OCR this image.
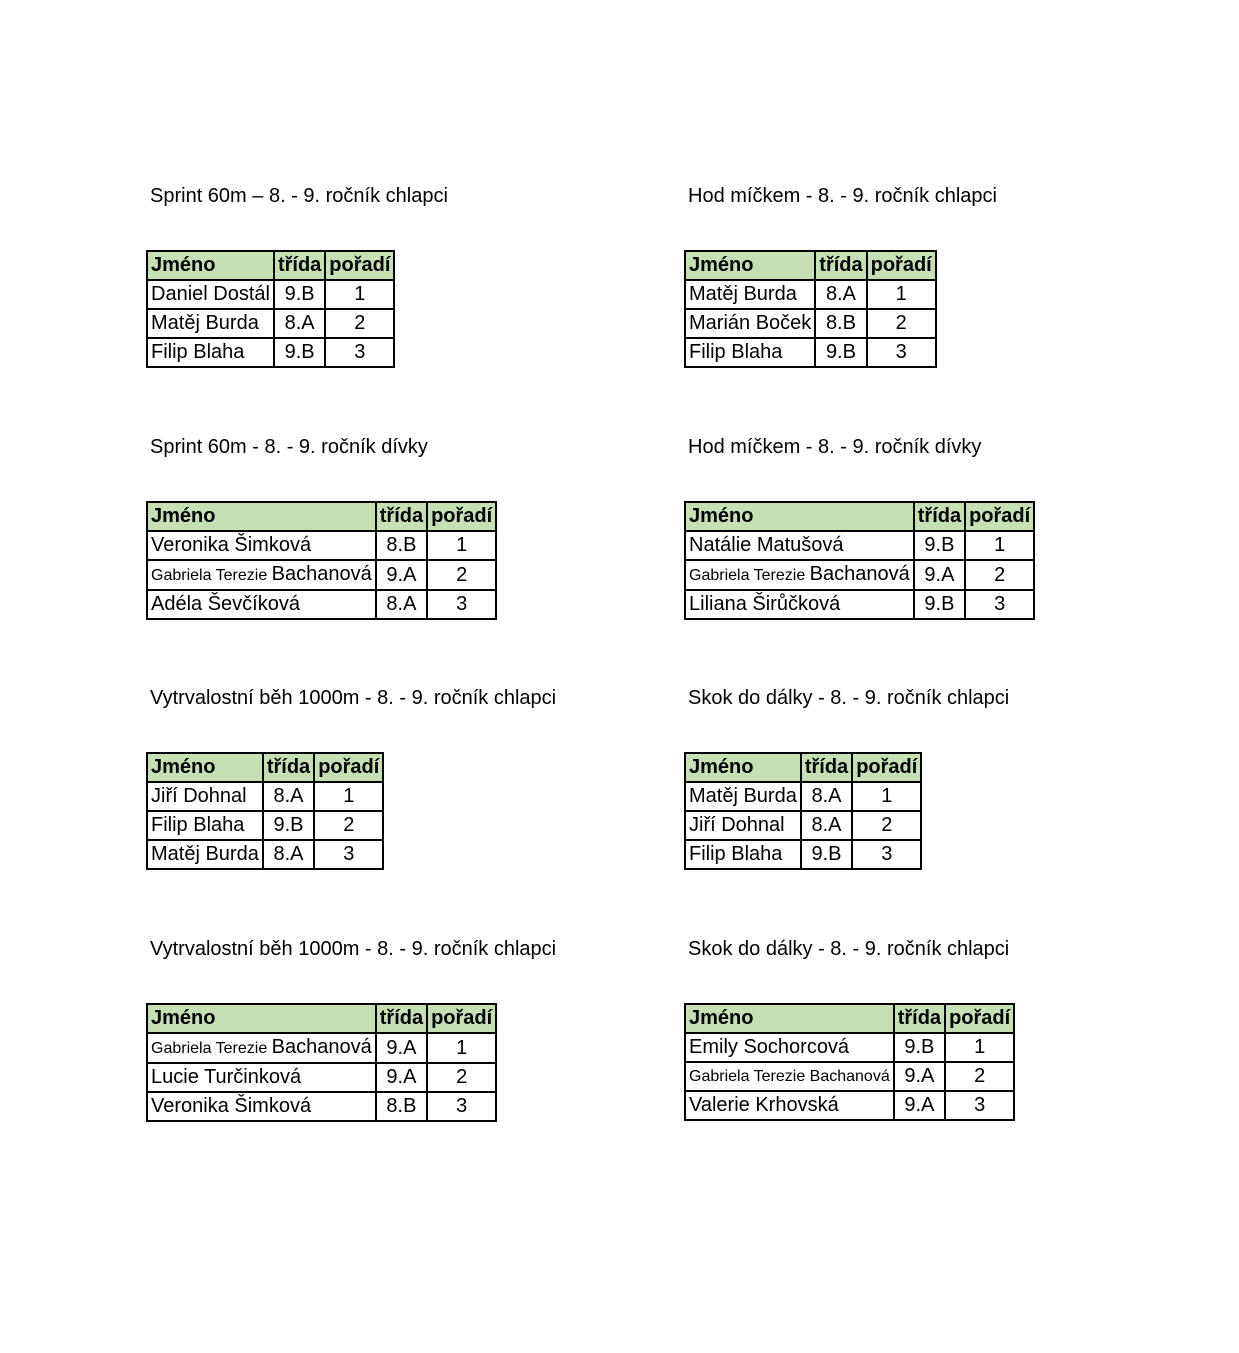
Sprint 60m – 8. - 9. ročník chlapci
Jméno	třída	pořadí
Daniel Dostál	9.B	1
Matěj Burda	8.A	2
Filip Blaha	9.B	3
Hod míčkem - 8. - 9. ročník chlapci
Jméno	třída	pořadí
Matěj Burda	8.A	1
Marián Boček	8.B	2
Filip Blaha	9.B	3
Sprint 60m - 8. - 9. ročník dívky
Jméno	třída	pořadí
Veronika Šimková	8.B	1
Gabriela Terezie Bachanová	9.A	2
Adéla Ševčíková	8.A	3
Hod míčkem - 8. - 9. ročník dívky
Jméno	třída	pořadí
Natálie Matušová	9.B	1
Gabriela Terezie Bachanová	9.A	2
Liliana Širůčková	9.B	3
Vytrvalostní běh 1000m - 8. - 9. ročník chlapci
Jméno	třída	pořadí
Jiří Dohnal	8.A	1
Filip Blaha	9.B	2
Matěj Burda	8.A	3
Skok do dálky - 8. - 9. ročník chlapci
Jméno	třída	pořadí
Matěj Burda	8.A	1
Jiří Dohnal	8.A	2
Filip Blaha	9.B	3
Vytrvalostní běh 1000m - 8. - 9. ročník chlapci
Jméno	třída	pořadí
Gabriela Terezie Bachanová	9.A	1
Lucie Turčinková	9.A	2
Veronika Šimková	8.B	3
Skok do dálky - 8. - 9. ročník chlapci
Jméno	třída	pořadí
Emily Sochorcová	9.B	1
Gabriela Terezie Bachanová	9.A	2
Valerie Krhovská	9.A	3
